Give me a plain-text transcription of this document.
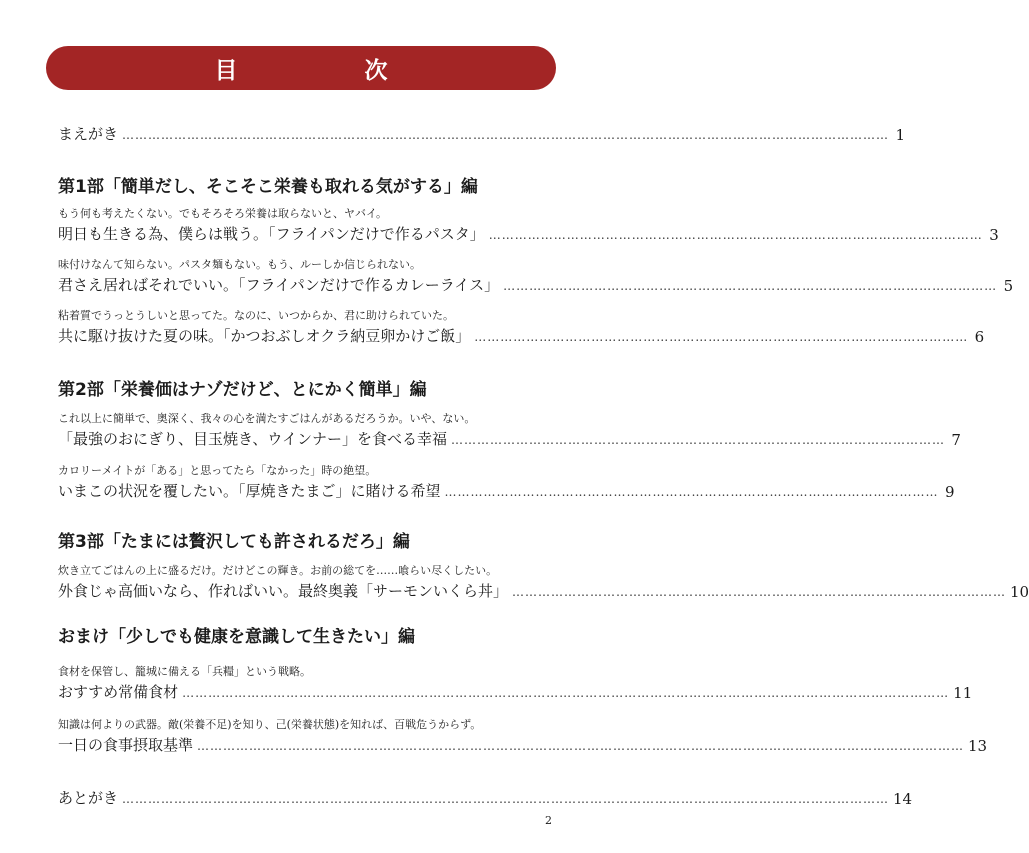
目　次
まえがき …………………………………………………………………………………………………………………………………………………………… 1
第1部「簡単だし、そこそこ栄養も取れる気がする」編
もう何も考えたくない。でもそろそろ栄養は取らないと、ヤバイ。
明日も生きる為、僕らは戦う。「フライパンだけで作るパスタ」 …………………………………………………………………………………………………… 3
味付けなんて知らない。パスタ麺もない。もう、ルーしか信じられない。
君さえ居ればそれでいい。「フライパンだけで作るカレーライス」 …………………………………………………………………………………………………… 5
粘着質でうっとうしいと思ってた。なのに、いつからか、君に助けられていた。
共に駆け抜けた夏の味。「かつおぶしオクラ納豆卵かけご飯」 …………………………………………………………………………………………………… 6
第2部「栄養価はナゾだけど、とにかく簡単」編
これ以上に簡単で、奥深く、我々の心を満たすごはんがあるだろうか。いや、ない。
「最強のおにぎり、目玉焼き、ウインナー」を食べる幸福 …………………………………………………………………………………………………… 7
カロリーメイトが「ある」と思ってたら「なかった」時の絶望。
いまこの状況を覆したい。「厚焼きたまご」に賭ける希望 …………………………………………………………………………………………………… 9
第3部「たまには贅沢しても許されるだろ」編
炊き立てごはんの上に盛るだけ。だけどこの輝き。お前の総てを……喰らい尽くしたい。
外食じゃ高価いなら、作ればいい。最終奥義「サーモンいくら丼」 …………………………………………………………………………………………………… 10
おまけ「少しでも健康を意識して生きたい」編
食材を保管し、籠城に備える「兵糧」という戦略。
おすすめ常備食材 …………………………………………………………………………………………………………………………………………………………… 11
知識は何よりの武器。敵(栄養不足)を知り、己(栄養状態)を知れば、百戦危うからず。
一日の食事摂取基準 …………………………………………………………………………………………………………………………………………………………… 13
あとがき …………………………………………………………………………………………………………………………………………………………… 14
2
